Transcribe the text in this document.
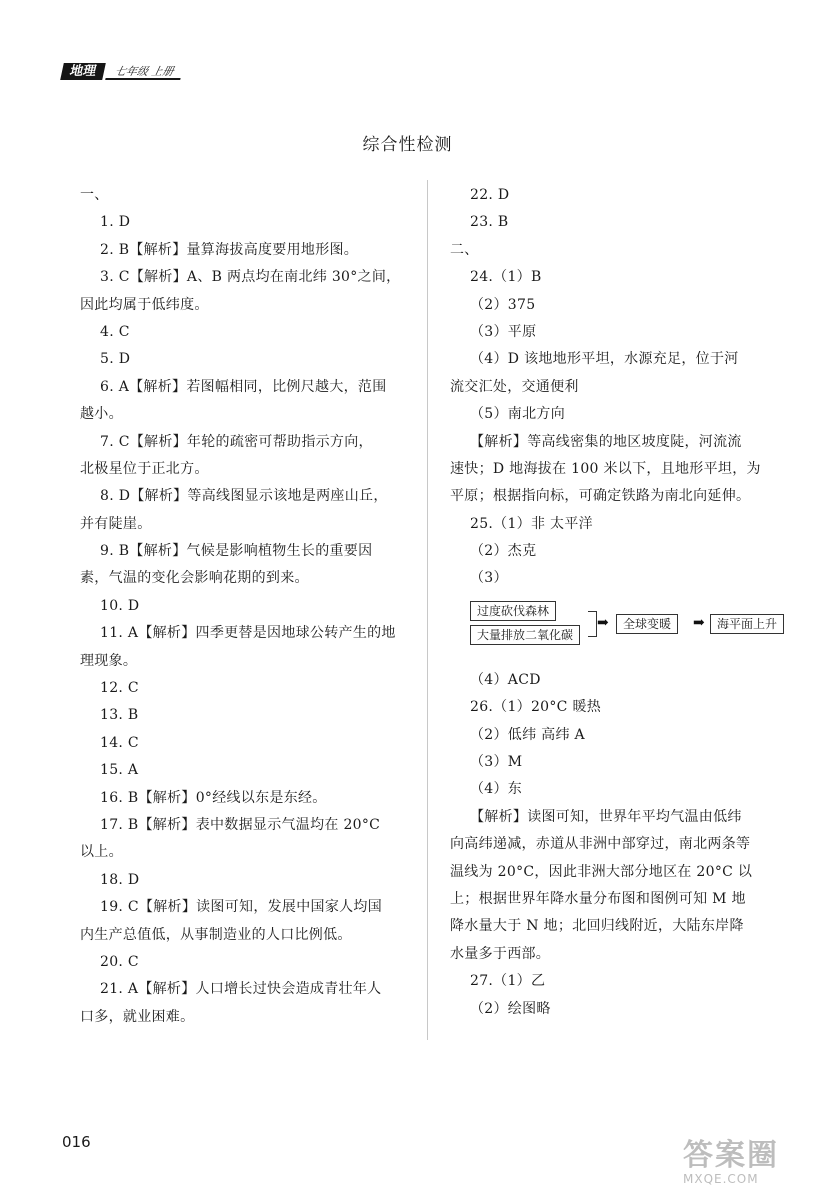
地理	七年级 上册
综合性检测
一、
1. D
2. B【解析】量算海拔高度要用地形图。
3. C【解析】A、B 两点均在南北纬 30°之间，
因此均属于低纬度。
4. C
5. D
6. A【解析】若图幅相同，比例尺越大，范围
越小。
7. C【解析】年轮的疏密可帮助指示方向，
北极星位于正北方。
8. D【解析】等高线图显示该地是两座山丘，
并有陡崖。
9. B【解析】气候是影响植物生长的重要因
素，气温的变化会影响花期的到来。
10. D
11. A【解析】四季更替是因地球公转产生的地
理现象。
12. C
13. B
14. C
15. A
16. B【解析】0°经线以东是东经。
17. B【解析】表中数据显示气温均在 20°C
以上。
18. D
19. C【解析】读图可知，发展中国家人均国
内生产总值低，从事制造业的人口比例低。
20. C
21. A【解析】人口增长过快会造成青壮年人
口多，就业困难。
22. D
23. B
二、
24.（1）B
（2）375
（3）平原
（4）D 该地地形平坦，水源充足，位于河
流交汇处，交通便利
（5）南北方向
【解析】等高线密集的地区坡度陡，河流流
速快；D 地海拔在 100 米以下，且地形平坦，为
平原；根据指向标，可确定铁路为南北向延伸。
25.（1）非 太平洋
（2）杰克
（3）
过度砍伐森林
大量排放二氧化碳
➡	全球变暖	➡	海平面上升
（4）ACD
26.（1）20°C 暖热
（2）低纬 高纬 A
（3）M
（4）东
【解析】读图可知，世界年平均气温由低纬
向高纬递减，赤道从非洲中部穿过，南北两条等
温线为 20°C，因此非洲大部分地区在 20°C 以
上；根据世界年降水量分布图和图例可知 M 地
降水量大于 N 地；北回归线附近，大陆东岸降
水量多于西部。
27.（1）乙
（2）绘图略
016	答案圈
MXQE.COM
